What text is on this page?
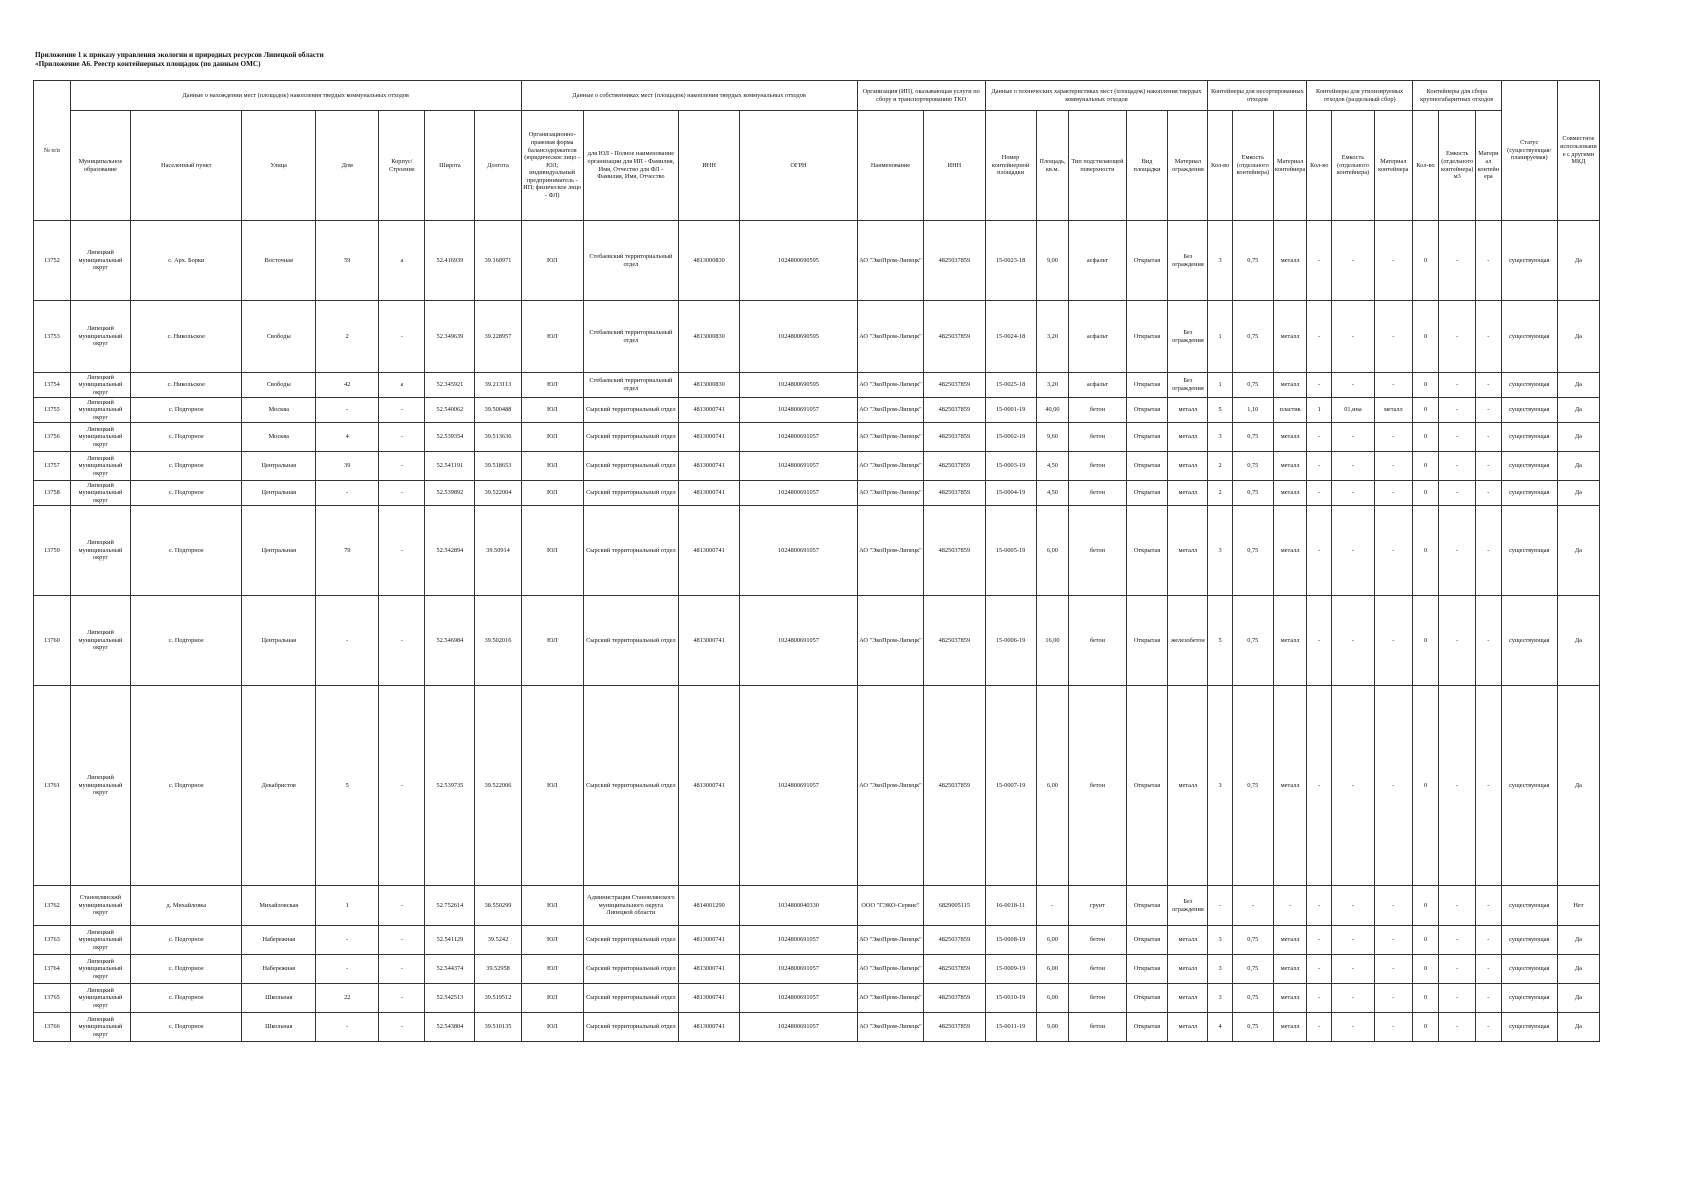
Приложение 1 к приказу управления экологии и природных ресурсов Липецкой области
«Приложение А6. Реестр контейнерных площадок (по данным ОМС)
№ п/п	Данные о нахождении мест (площадок) накопления твердых коммунальных отходов							Данные о собственниках мест (площадок) накопления твердых коммунальных отходов				Организация (ИП), оказывающая услуги по сбору и транспортированию ТКО		Данные о технических характеристиках мест (площадок) накопления твердых коммунальных отходов					Контейнеры для несортированных отходов			Контейнеры для утилизируемых отходов (раздельный сбор)			Контейнеры для сбора крупногабаритных отходов			Статус (существующая/ планируемая)	Совместное использование с другими МКД
	Муниципальное образование	Населенный пункт	Улица	Дом	Корпус/Строение	Широта	Долгота	Организационно-правовая форма балансодержателя (юридическое лицо - ЮЛ; индивидуальный предприниматель - ИП; физическое лицо - ФЛ)	для ЮЛ - Полное наименование организации для ИП - Фамилия, Имя, Отчество для ФЛ - Фамилия, Имя, Отчество	ИНН	ОГРН	Наименование	ИНН	Номер контейнерной площадки	Площадь, кв.м.	Тип подстилающей поверхности	Вид площадки	Материал ограждения	Кол-во	Емкость (отдельного контейнера)	Материал контейнера	Кол-во	Емкость (отдельного контейнера)	Материал контейнера	Кол-во	Емкость (отдельного контейнера) м3	Материал контейнера		
13752	Липецкий муниципальный округ	с. Арх. Борки	Восточная	59	а	52.416939	39.160971	ЮЛ	Стебаевский территориальный отдел	4813000830	1024800690595	АО "ЭкоПром-Липецк"	4825037859	15-0023-18	9,00	асфальт	Открытая	Без ограждения	3	0,75	металл	-	-	-	0	-	-	существующая	Да
13753	Липецкий муниципальный округ	с. Никольское	Свободы	2	-	52.349639	39.228957	ЮЛ	Стебаевский территориальный отдел	4813000830	1024800690595	АО "ЭкоПром-Липецк"	4825037859	15-0024-18	3,20	асфальт	Открытая	Без ограждения	1	0,75	металл	-	-	-	0	-	-	существующая	Да
13754	Липецкий муниципальный округ	с. Никольское	Свободы	42	а	52.345921	39.213113	ЮЛ	Стебаевский территориальный отдел	4813000830	1024800690595	АО "ЭкоПром-Липецк"	4825037859	15-0025-18	3,20	асфальт	Открытая	Без ограждения	1	0,75	металл	-	-	-	0	-	-	существующая	Да
13755	Липецкий муниципальный округ	с. Подгорное	Москва	-	-	52.540062	39.500488	ЮЛ	Сырский территориальный отдел	4813000741	1024800691057	АО "ЭкоПром-Липецк"	4825037859	15-0001-19	40,00	бетон	Открытая	металл	5	1,10	пластик	1	01,ина	металл	0	-	-	существующая	Да
13756	Липецкий муниципальный округ	с. Подгорное	Москва	4	-	52.539354	39.513636	ЮЛ	Сырский территориальный отдел	4813000741	1024800691057	АО "ЭкоПром-Липецк"	4825037859	15-0002-19	9,60	бетон	Открытая	металл	3	0,75	металл	-	-	-	0	-	-	существующая	Да
13757	Липецкий муниципальный округ	с. Подгорное	Центральная	39	-	52.541191	39.518653	ЮЛ	Сырский территориальный отдел	4813000741	1024800691057	АО "ЭкоПром-Липецк"	4825037859	15-0003-19	4,50	бетон	Открытая	металл	2	0,75	металл	-	-	-	0	-	-	существующая	Да
13758	Липецкий муниципальный округ	с. Подгорное	Центральная	-	-	52.539892	39.522004	ЮЛ	Сырский территориальный отдел	4813000741	1024800691057	АО "ЭкоПром-Липецк"	4825037859	15-0004-19	4,50	бетон	Открытая	металл	2	0,75	металл	-	-	-	0	-	-	существующая	Да
13759	Липецкий муниципальный округ	с. Подгорное	Центральная	79	-	52.542894	39.50914	ЮЛ	Сырский территориальный отдел	4813000741	1024800691057	АО "ЭкоПром-Липецк"	4825037859	15-0005-19	6,00	бетон	Открытая	металл	3	0,75	металл	-	-	-	0	-	-	существующая	Да
13760	Липецкий муниципальный округ	с. Подгорное	Центральная	-	-	52.546984	39.502016	ЮЛ	Сырский территориальный отдел	4813000741	1024800691057	АО "ЭкоПром-Липецк"	4825037859	15-0006-19	16,00	бетон	Открытая	железобетон	5	0,75	металл	-	-	-	0	-	-	существующая	Да
13761	Липецкий муниципальный округ	с. Подгорное	Декабристов	5	-	52.539735	39.522006	ЮЛ	Сырский территориальный отдел	4813000741	1024800691057	АО "ЭкоПром-Липецк"	4825037859	15-0007-19	6,00	бетон	Открытая	металл	3	0,75	металл	-	-	-	0	-	-	существующая	Да
13762	Становлянский муниципальный округ	д. Михайловка	Михайловская	1	-	52.752614	38.550299	ЮЛ	Администрация Становлянского муниципального округа Липецкой области	4814001290	1034800040330	ООО "ГЭКО-Сервис"	6829005115	16-0018-11	-	грунт	Открытая	Без ограждения	-	-	-	-	-	-	0	-	-	существующая	Нет
13763	Липецкий муниципальный округ	с. Подгорное	Набережная	-	-	52.541129	39.5242	ЮЛ	Сырский территориальный отдел	4813000741	1024800691057	АО "ЭкоПром-Липецк"	4825037859	15-0008-19	6,00	бетон	Открытая	металл	3	0,75	металл	-	-	-	0	-	-	существующая	Да
13764	Липецкий муниципальный округ	с. Подгорное	Набережная	-	-	52.544374	39.52958	ЮЛ	Сырский территориальный отдел	4813000741	1024800691057	АО "ЭкоПром-Липецк"	4825037859	15-0009-19	6,00	бетон	Открытая	металл	3	0,75	металл	-	-	-	0	-	-	существующая	Да
13765	Липецкий муниципальный округ	с. Подгорное	Школьная	22	-	52.542513	39.519512	ЮЛ	Сырский территориальный отдел	4813000741	1024800691057	АО "ЭкоПром-Липецк"	4825037859	15-0010-19	6,00	бетон	Открытая	металл	3	0,75	металл	-	-	-	0	-	-	существующая	Да
13766	Липецкий муниципальный округ	с. Подгорное	Школьная	-	-	52.543804	39.510135	ЮЛ	Сырский территориальный отдел	4813000741	1024800691057	АО "ЭкоПром-Липецк"	4825037859	15-0011-19	9,00	бетон	Открытая	металл	4	0,75	металл	-	-	-	0	-	-	существующая	Да
